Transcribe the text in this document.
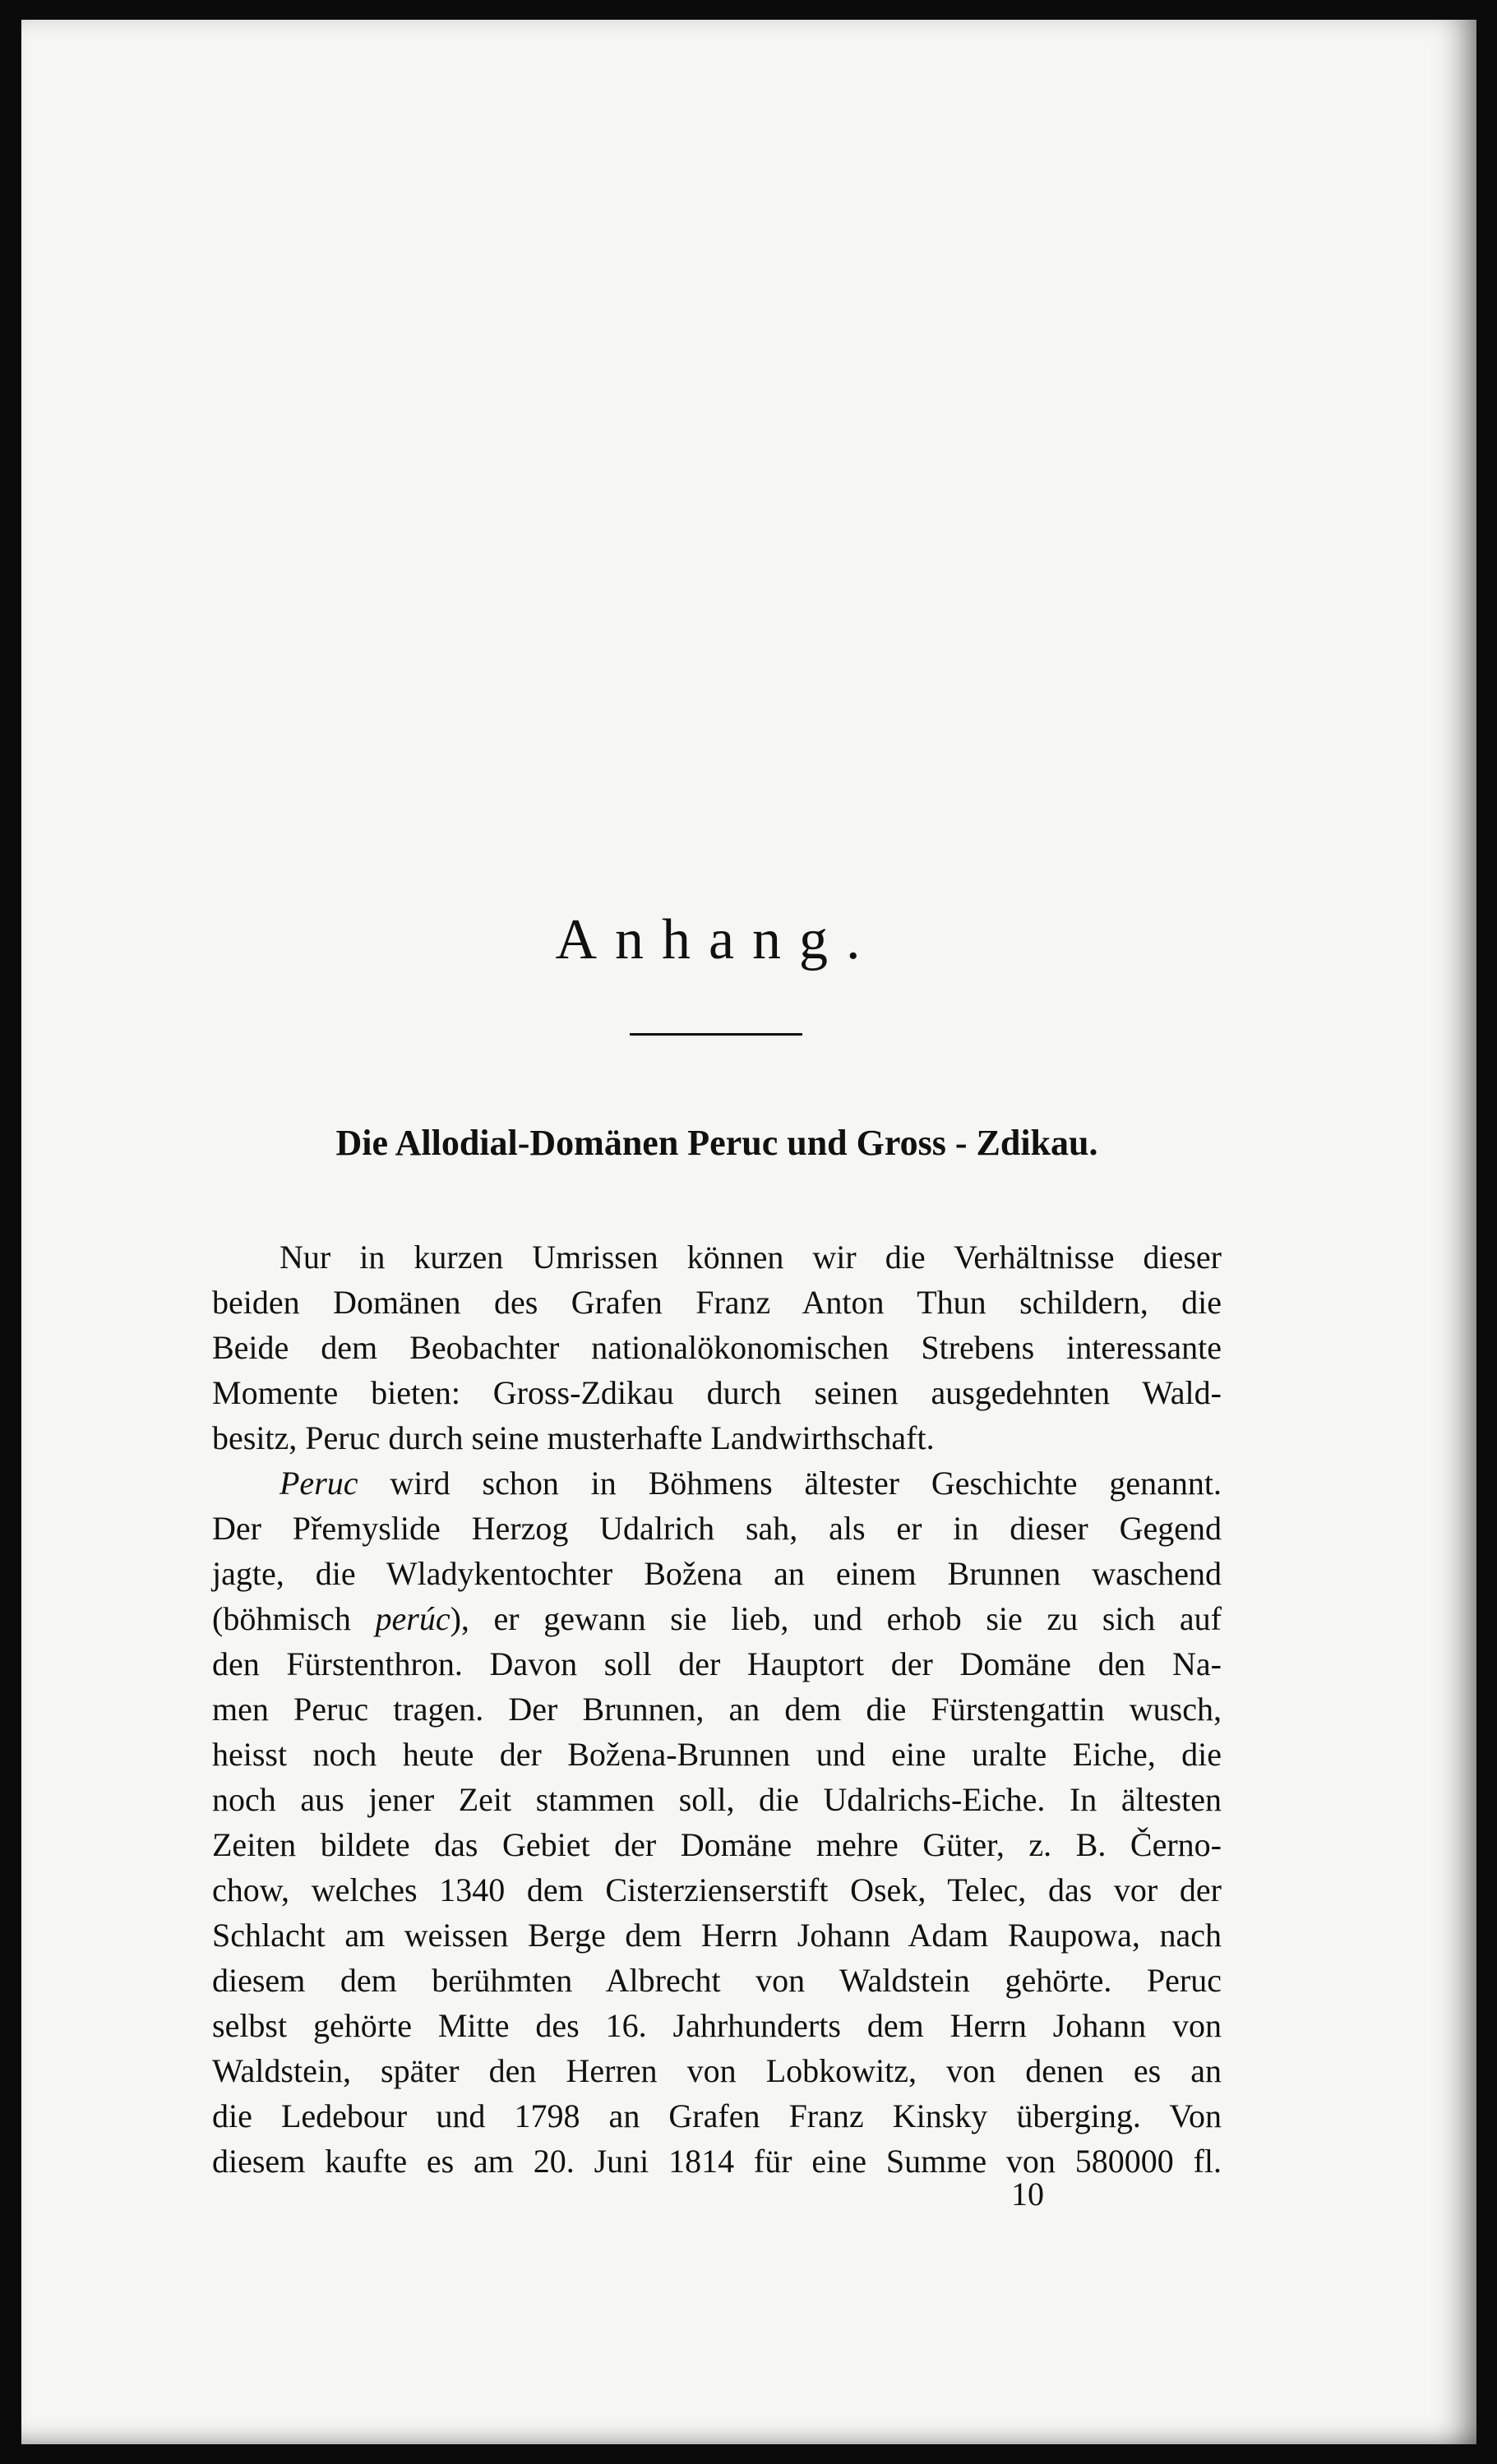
Anhang.
Die Allodial-Domänen Peruc und Gross - Zdikau.
Nur in kurzen Umrissen können wir die Verhältnisse dieser
beiden Domänen des Grafen Franz Anton Thun schildern, die
Beide dem Beobachter nationalökonomischen Strebens interessante
Momente bieten: Gross-Zdikau durch seinen ausgedehnten Wald-
besitz, Peruc durch seine musterhafte Landwirthschaft.
Peruc wird schon in Böhmens ältester Geschichte genannt.
Der Přemyslide Herzog Udalrich sah, als er in dieser Gegend
jagte, die Wladykentochter Božena an einem Brunnen waschend
(böhmisch perúc), er gewann sie lieb, und erhob sie zu sich auf
den Fürstenthron. Davon soll der Hauptort der Domäne den Na-
men Peruc tragen. Der Brunnen, an dem die Fürstengattin wusch,
heisst noch heute der Božena-Brunnen und eine uralte Eiche, die
noch aus jener Zeit stammen soll, die Udalrichs-Eiche. In ältesten
Zeiten bildete das Gebiet der Domäne mehre Güter, z. B. Černo-
chow, welches 1340 dem Cisterzienserstift Osek, Telec, das vor der
Schlacht am weissen Berge dem Herrn Johann Adam Raupowa, nach
diesem dem berühmten Albrecht von Waldstein gehörte. Peruc
selbst gehörte Mitte des 16. Jahrhunderts dem Herrn Johann von
Waldstein, später den Herren von Lobkowitz, von denen es an
die Ledebour und 1798 an Grafen Franz Kinsky überging. Von
diesem kaufte es am 20. Juni 1814 für eine Summe von 580000 fl.
10
